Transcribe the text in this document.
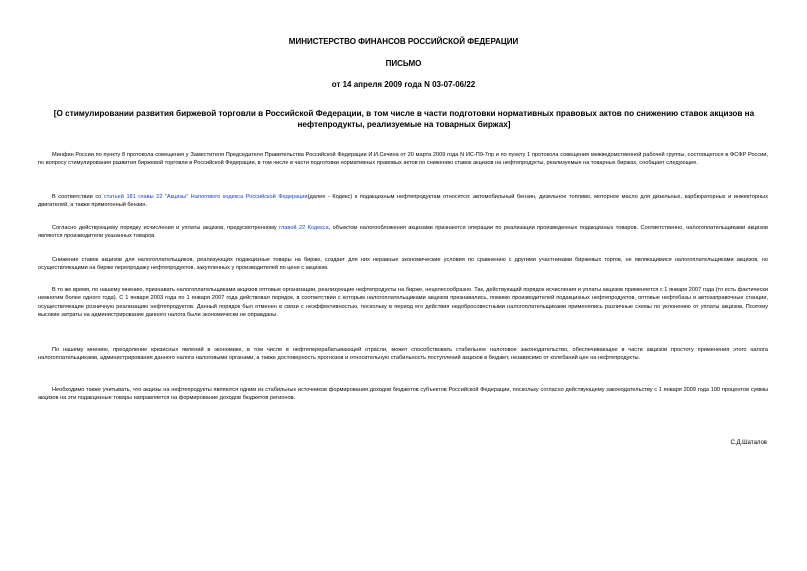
МИНИСТЕРСТВО ФИНАНСОВ РОССИЙСКОЙ ФЕДЕРАЦИИ
ПИСЬМО
от 14 апреля 2009 года N 03-07-06/22
[О стимулировании развития биржевой торговли в Российской Федерации, в том числе в части подготовки нормативных правовых актов по снижению ставок акцизов на нефтепродукты, реализуемые на товарных биржах]

Минфин России по пункту 8 протокола совещения у Заместителя Председателя Правительства Российской Федерации И.И.Сечина от 20 марта 2009 года N ИС-П9-7пр и по пункту 1 протокола совещения межведомственной рабочей группы, состоящегося в ФСФР России, по вопросу стимулирования развития биржевой торговли в Российской Федерации, в том числе в части подготовки нормативных правовых актов по снижению ставок акцизов на нефтепродукты, реализуемые на товарных биржах, сообщает следующее.

В соответствии со статьей 181 главы 22 "Акцизы" Налогового кодекса Российской Федерации(далее - Кодекс) к подакцизным нефтепродуктам относятся: автомобильный бензин, дизельное топливо, моторное масло для дизельных, карбюраторных и инжекторных двигателей, а также прямогонный бензин.

Согласно действующему порядку исчисления и уплаты акцизов, предусмотренному главой 22 Кодекса, объектом налогообложения акцизами признаются операции по реализации произведенных подакцизных товаров. Соответственно, налогоплательщиками акцизов являются производители указанных товаров.

Снижение ставок акцизов для налогоплательщиков, реализующих подакцизные товары на бирже, создает для них неравные экономические условия по сравнению с другими участниками биржевых торгов, не являющимися налогоплательщиками акцизов, но осуществляющими на бирже перепродажу нефтепродуктов, закупленных у производителей по цене с акцизом.

В то же время, по нашему мнению, признавать налогоплательщиками акцизов оптовые организации, реализующие нефтепродукты на бирже, нецелесообразно. Так, действующий порядок исчисления и уплаты акцизов применяется с 1 января 2007 года (то есть фактически немногим более одного года). С 1 января 2003 года по 1 января 2007 года действовал порядок, в соответствии с которым налогоплательщиками акцизов признавались, помимо производителей подакцизных нефтепродуктов, оптовые нефтебазы и автозаправочные станции, осуществляющие розничную реализацию нефтепродуктов. Данный порядок был отменен в связи с неэффективностью, поскольку в период его действия недобросовестными налогоплательщиками применялись различные схемы по уклонению от уплаты акцизов. Поэтому высокие затраты на администрирование данного налога были экономически не оправданы.

По нашему мнению, преодоление кризисных явлений в экономике, в том числе в нефтеперерабатывающей отрасли, может способствовать стабильное налоговое законодательство, обеспечивающее в части акцизов простоту применения этого налога налогоплательщиками, администрирования данного налога налоговыми органами, а также достоверность прогнозов и относительную стабильность поступлений акцизов в бюджет, независимо от колебаний цен на нефтепродукты.

Необходимо также учитывать, что акцизы на нефтепродукты являются одним из стабильных источников формирования доходов бюджетов субъектов Российской Федерации, поскольку согласно действующему законодательству с 1 января 2009 года 100 процентов суммы акцизов на эти подакцизные товары направляется на формирование доходов бюджетов регионов.

С.Д.Шаталов
